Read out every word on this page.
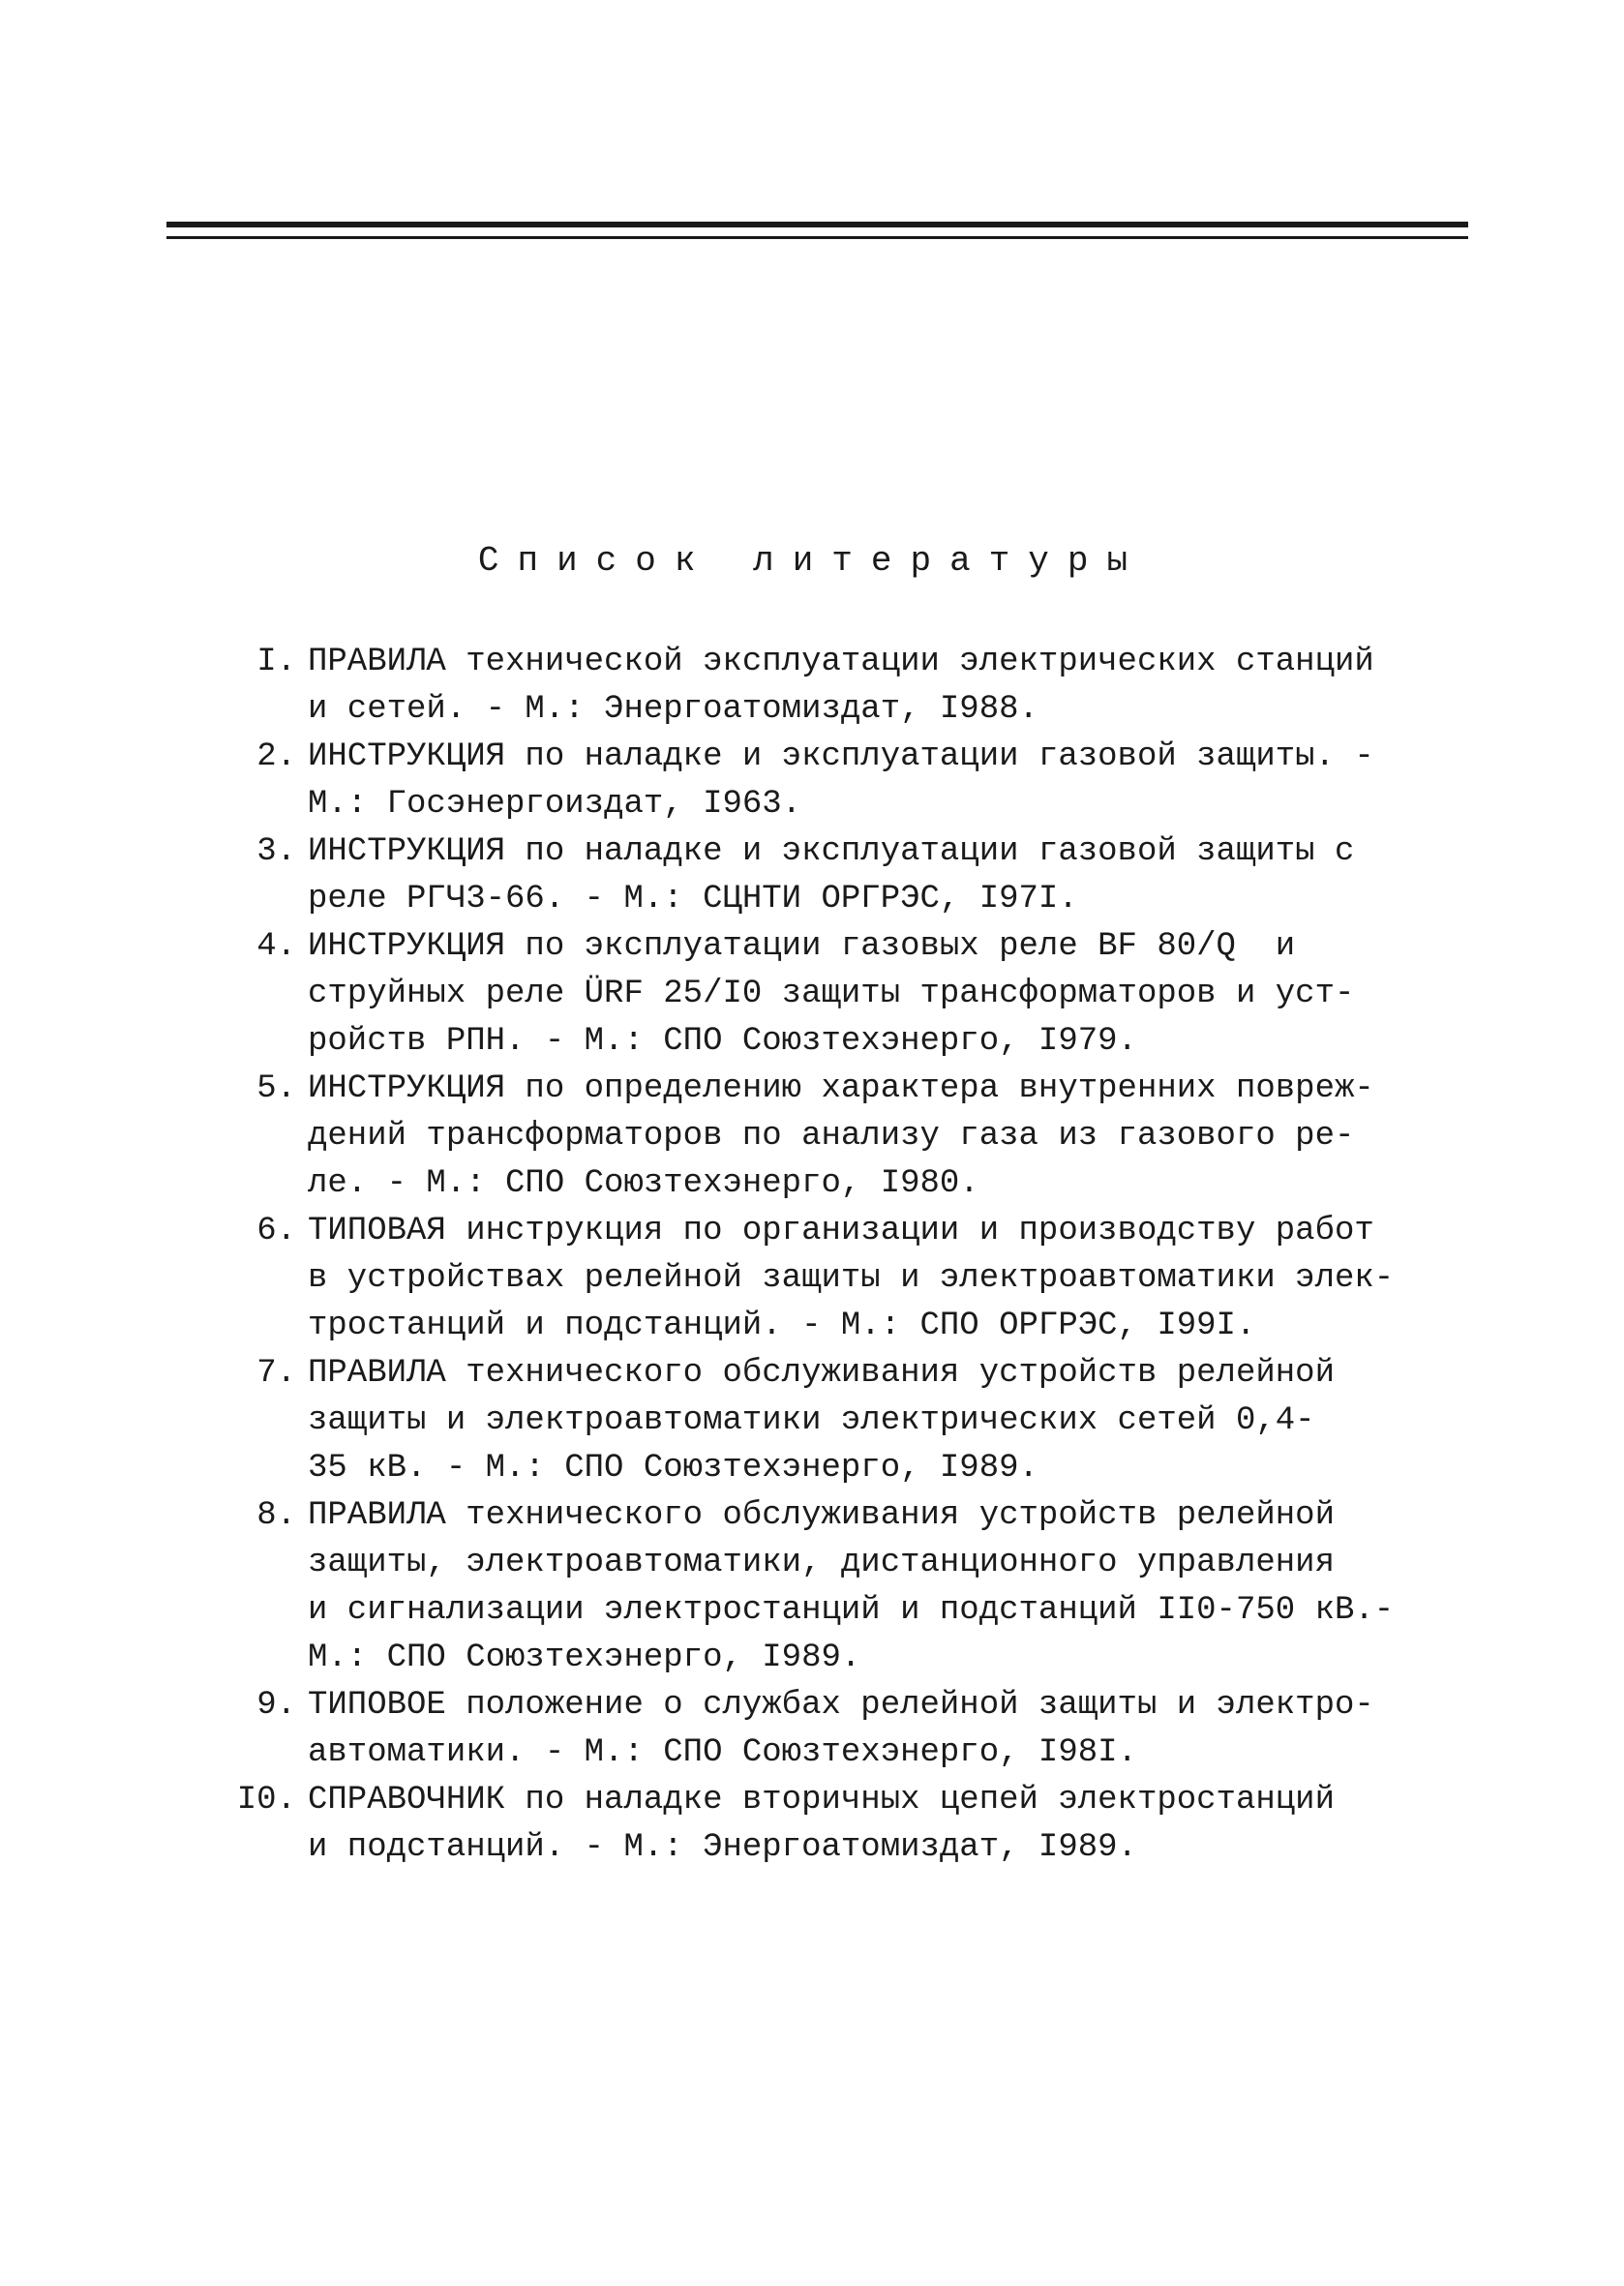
Список литературы
I. ПРАВИЛА технической эксплуатации электрических станций
и сетей. - М.: Энергоатомиздат, I988.
2. ИНСТРУКЦИЯ по наладке и эксплуатации газовой защиты. -
М.: Госэнергоиздат, I963.
3. ИНСТРУКЦИЯ по наладке и эксплуатации газовой защиты с
реле РГЧ3-66. - М.: СЦНТИ ОРГРЭС, I97I.
4. ИНСТРУКЦИЯ по эксплуатации газовых реле BF 80/Q  и
струйных реле ÜRF 25/I0 защиты трансформаторов и уст-
ройств РПН. - М.: СПО Союзтехэнерго, I979.
5. ИНСТРУКЦИЯ по определению характера внутренних повреж-
дений трансформаторов по анализу газа из газового ре-
ле. - М.: СПО Союзтехэнерго, I980.
6. ТИПОВАЯ инструкция по организации и производству работ
в устройствах релейной защиты и электроавтоматики элек-
тростанций и подстанций. - М.: СПО ОРГРЭС, I99I.
7. ПРАВИЛА технического обслуживания устройств релейной
защиты и электроавтоматики электрических сетей 0,4-
35 кВ. - М.: СПО Союзтехэнерго, I989.
8. ПРАВИЛА технического обслуживания устройств релейной
защиты, электроавтоматики, дистанционного управления
и сигнализации электростанций и подстанций II0-750 кВ.-
М.: СПО Союзтехэнерго, I989.
9. ТИПОВОЕ положение о службах релейной защиты и электро-
автоматики. - М.: СПО Союзтехэнерго, I98I.
I0. СПРАВОЧНИК по наладке вторичных цепей электростанций
и подстанций. - М.: Энергоатомиздат, I989.
